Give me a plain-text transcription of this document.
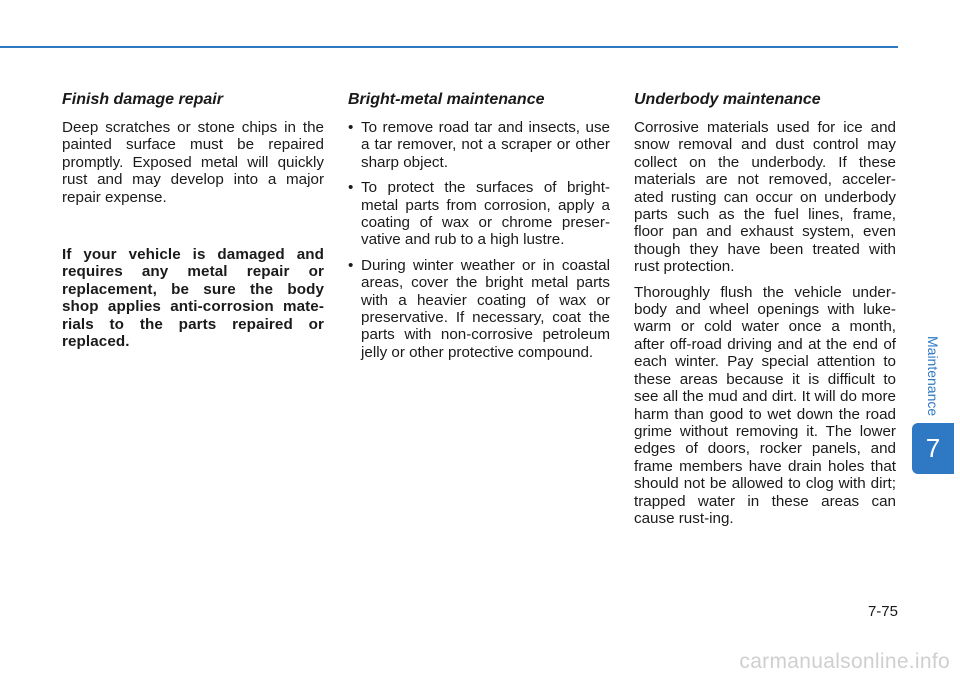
Finish damage repair

Deep scratches or stone chips in the painted surface must be repaired promptly. Exposed metal will quickly rust and may develop into a major repair expense.

If your vehicle is damaged and requires any metal repair or replacement, be sure the body shop applies anti-corrosion mate-rials to the parts repaired or replaced.

Bright-metal maintenance
• To remove road tar and insects, use a tar remover, not a scraper or other sharp object.
• To protect the surfaces of bright-metal parts from corrosion, apply a coating of wax or chrome preser-vative and rub to a high lustre.
• During winter weather or in coastal areas, cover the bright metal parts with a heavier coating of wax or preservative. If necessary, coat the parts with non-corrosive petroleum jelly or other protective compound.
Underbody maintenance

Corrosive materials used for ice and snow removal and dust control may collect on the underbody. If these materials are not removed, acceler-ated rusting can occur on underbody parts such as the fuel lines, frame, floor pan and exhaust system, even though they have been treated with rust protection.

Thoroughly flush the vehicle under-body and wheel openings with luke-warm or cold water once a month, after off-road driving and at the end of each winter. Pay special attention to these areas because it is difficult to see all the mud and dirt. It will do more harm than good to wet down the road grime without removing it. The lower edges of doors, rocker panels, and frame members have drain holes that should not be allowed to clog with dirt; trapped water in these areas can cause rust-ing.

Maintenance
7
7-75
carmanualsonline.info
